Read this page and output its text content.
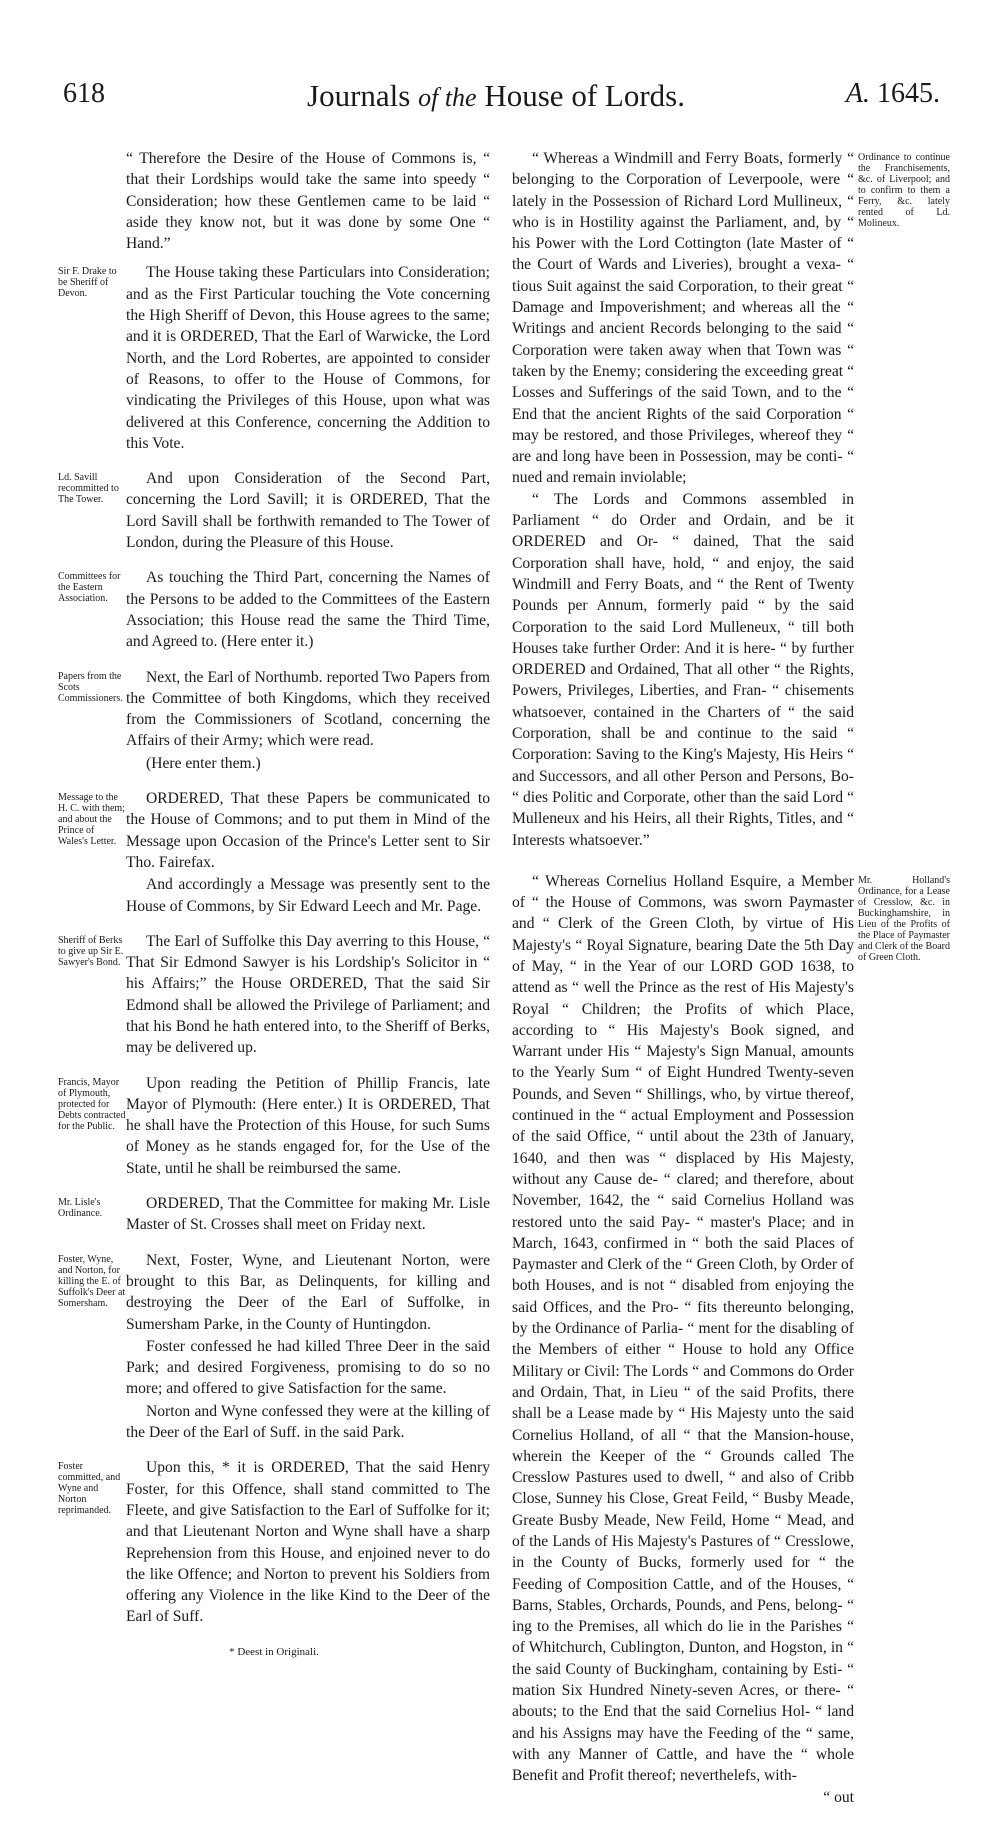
618	Journals of the House of Lords.	A. 1645.

“ Therefore the Desire of the House of Commons is, “ that their Lordships would take the same into speedy “ Consideration; how these Gentlemen came to be laid “ aside they know not, but it was done by some One “ Hand.”

Sir F. Drake to be Sheriff of Devon.

The House taking these Particulars into Consideration; and as the First Particular touching the Vote concerning the High Sheriff of Devon, this House agrees to the same; and it is ORDERED, That the Earl of Warwicke, the Lord North, and the Lord Robertes, are appointed to consider of Reasons, to offer to the House of Commons, for vindicating the Privileges of this House, upon what was delivered at this Conference, concerning the Addition to this Vote.

Ld. Savill recommitted to The Tower.

And upon Consideration of the Second Part, concerning the Lord Savill; it is ORDERED, That the Lord Savill shall be forthwith remanded to The Tower of London, during the Pleasure of this House.

Committees for the Eastern Association.

As touching the Third Part, concerning the Names of the Persons to be added to the Committees of the Eastern Association; this House read the same the Third Time, and Agreed to. (Here enter it.)

Papers from the Scots Commissioners.

Next, the Earl of Northumb. reported Two Papers from the Committee of both Kingdoms, which they received from the Commissioners of Scotland, concerning the Affairs of their Army; which were read.

(Here enter them.)

Message to the H. C. with them; and about the Prince of Wales's Letter.

ORDERED, That these Papers be communicated to the House of Commons; and to put them in Mind of the Message upon Occasion of the Prince's Letter sent to Sir Tho. Fairefax.

And accordingly a Message was presently sent to the House of Commons, by Sir Edward Leech and Mr. Page.

Sheriff of Berks to give up Sir E. Sawyer's Bond.

The Earl of Suffolke this Day averring to this House, “ That Sir Edmond Sawyer is his Lordship's Solicitor in “ his Affairs;” the House ORDERED, That the said Sir Edmond shall be allowed the Privilege of Parliament; and that his Bond he hath entered into, to the Sheriff of Berks, may be delivered up.

Francis, Mayor of Plymouth, protected for Debts contracted for the Public.

Upon reading the Petition of Phillip Francis, late Mayor of Plymouth: (Here enter.) It is ORDERED, That he shall have the Protection of this House, for such Sums of Money as he stands engaged for, for the Use of the State, until he shall be reimbursed the same.

Mr. Lisle's Ordinance.

ORDERED, That the Committee for making Mr. Lisle Master of St. Crosses shall meet on Friday next.

Foster, Wyne, and Norton, for killing the E. of Suffolk's Deer at Somersham.

Next, Foster, Wyne, and Lieutenant Norton, were brought to this Bar, as Delinquents, for killing and destroying the Deer of the Earl of Suffolke, in Sumersham Parke, in the County of Huntingdon.

Foster confessed he had killed Three Deer in the said Park; and desired Forgiveness, promising to do so no more; and offered to give Satisfaction for the same.

Norton and Wyne confessed they were at the killing of the Deer of the Earl of Suff. in the said Park.

Foster committed, and Wyne and Norton reprimanded.

Upon this, * it is ORDERED, That the said Henry Foster, for this Offence, shall stand committed to The Fleete, and give Satisfaction to the Earl of Suffolke for it; and that Lieutenant Norton and Wyne shall have a sharp Reprehension from this House, and enjoined never to do the like Offence; and Norton to prevent his Soldiers from offering any Violence in the like Kind to the Deer of the Earl of Suff.

* Deest in Originali.

“ Whereas a Windmill and Ferry Boats, formerly “ belonging to the Corporation of Leverpoole, were “ lately in the Possession of Richard Lord Mullineux, “ who is in Hostility against the Parliament, and, by “ his Power with the Lord Cottington (late Master of “ the Court of Wards and Liveries), brought a vexa- “ tious Suit against the said Corporation, to their great “ Damage and Impoverishment; and whereas all the “ Writings and ancient Records belonging to the said “ Corporation were taken away when that Town was “ taken by the Enemy; considering the exceeding great “ Losses and Sufferings of the said Town, and to the “ End that the ancient Rights of the said Corporation “ may be restored, and those Privileges, whereof they “ are and long have been in Possession, may be conti- “ nued and remain inviolable;

“ The Lords and Commons assembled in Parliament “ do Order and Ordain, and be it ORDERED and Or- “ dained, That the said Corporation shall have, hold, “ and enjoy, the said Windmill and Ferry Boats, and “ the Rent of Twenty Pounds per Annum, formerly paid “ by the said Corporation to the said Lord Mulleneux, “ till both Houses take further Order: And it is here- “ by further ORDERED and Ordained, That all other “ the Rights, Powers, Privileges, Liberties, and Fran- “ chisements whatsoever, contained in the Charters of “ the said Corporation, shall be and continue to the said “ Corporation: Saving to the King's Majesty, His Heirs “ and Successors, and all other Person and Persons, Bo- “ dies Politic and Corporate, other than the said Lord “ Mulleneux and his Heirs, all their Rights, Titles, and “ Interests whatsoever.”

Ordinance to continue the Franchisements, &c. of Liverpool; and to confirm to them a Ferry, &c. lately rented of Ld. Molineux.

“ Whereas Cornelius Holland Esquire, a Member of “ the House of Commons, was sworn Paymaster and “ Clerk of the Green Cloth, by virtue of His Majesty's “ Royal Signature, bearing Date the 5th Day of May, “ in the Year of our LORD GOD 1638, to attend as “ well the Prince as the rest of His Majesty's Royal “ Children; the Profits of which Place, according to “ His Majesty's Book signed, and Warrant under His “ Majesty's Sign Manual, amounts to the Yearly Sum “ of Eight Hundred Twenty-seven Pounds, and Seven “ Shillings, who, by virtue thereof, continued in the “ actual Employment and Possession of the said Office, “ until about the 23th of January, 1640, and then was “ displaced by His Majesty, without any Cause de- “ clared; and therefore, about November, 1642, the “ said Cornelius Holland was restored unto the said Pay- “ master's Place; and in March, 1643, confirmed in “ both the said Places of Paymaster and Clerk of the “ Green Cloth, by Order of both Houses, and is not “ disabled from enjoying the said Offices, and the Pro- “ fits thereunto belonging, by the Ordinance of Parlia- “ ment for the disabling of the Members of either “ House to hold any Office Military or Civil: The Lords “ and Commons do Order and Ordain, That, in Lieu “ of the said Profits, there shall be a Lease made by “ His Majesty unto the said Cornelius Holland, of all “ that the Mansion-house, wherein the Keeper of the “ Grounds called The Cresslow Pastures used to dwell, “ and also of Cribb Close, Sunney his Close, Great Feild, “ Busby Meade, Greate Busby Meade, New Feild, Home “ Mead, and of the Lands of His Majesty's Pastures of “ Cresslowe, in the County of Bucks, formerly used for “ the Feeding of Composition Cattle, and of the Houses, “ Barns, Stables, Orchards, Pounds, and Pens, belong- “ ing to the Premises, all which do lie in the Parishes “ of Whitchurch, Cublington, Dunton, and Hogston, in “ the said County of Buckingham, containing by Esti- “ mation Six Hundred Ninety-seven Acres, or there- “ abouts; to the End that the said Cornelius Hol- “ land and his Assigns may have the Feeding of the “ same, with any Manner of Cattle, and have the “ whole Benefit and Profit thereof; neverthelefs, with-

“ out

Mr. Holland's Ordinance, for a Lease of Cresslow, &c. in Buckinghamshire, in Lieu of the Profits of the Place of Paymaster and Clerk of the Board of Green Cloth.
